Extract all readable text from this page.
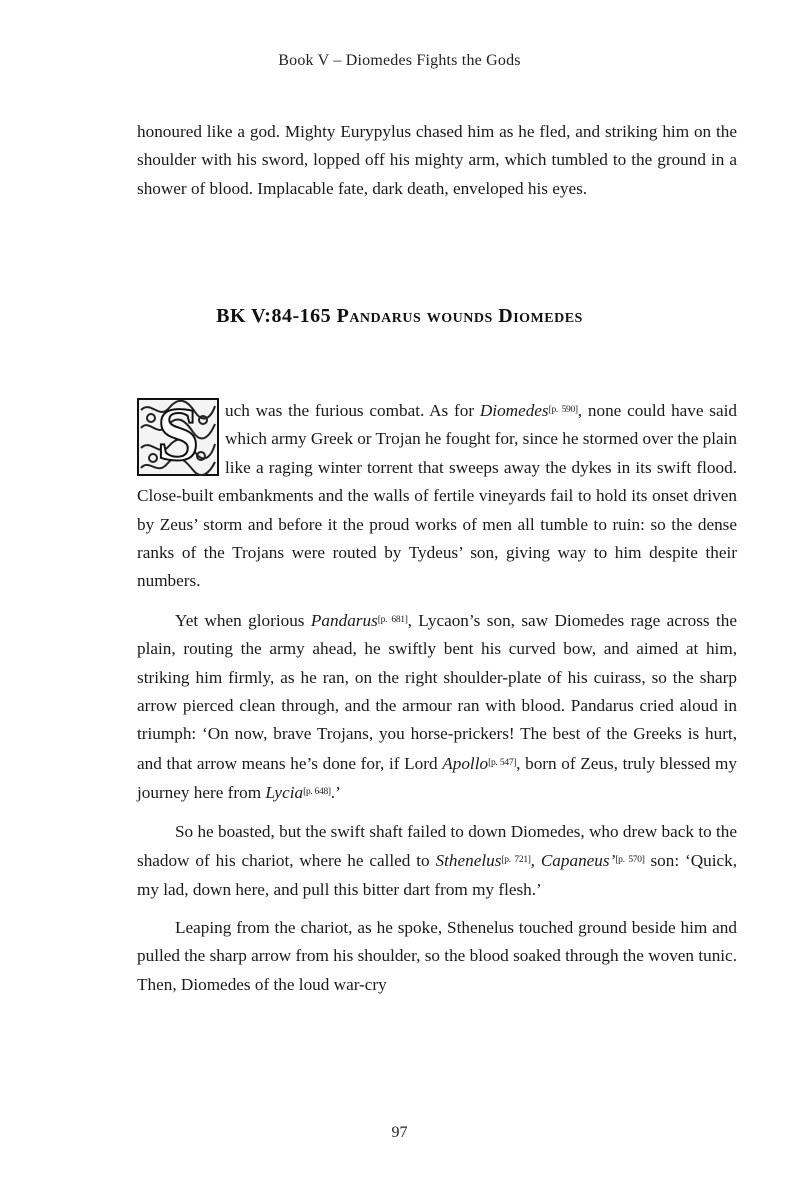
Book V – Diomedes Fights the Gods

honoured like a god. Mighty Eurypylus chased him as he fled, and striking him on the shoulder with his sword, lopped off his mighty arm, which tumbled to the ground in a shower of blood. Implacable fate, dark death, enveloped his eyes.

BK V:84-165 Pandarus wounds Diomedes

S	uch was the furious combat. As for Diomedes[p. 590], none could have said which army Greek or Trojan he fought for, since he stormed over the plain like a raging winter torrent that sweeps away the dykes in its swift flood. Close-built embankments and the walls of fertile vineyards fail to hold its onset driven by Zeus’ storm and before it the proud works of men all tumble to ruin: so the dense ranks of the Trojans were routed by Tydeus’ son, giving way to him despite their numbers.

Yet when glorious Pandarus[p. 681], Lycaon’s son, saw Diomedes rage across the plain, routing the army ahead, he swiftly bent his curved bow, and aimed at him, striking him firmly, as he ran, on the right shoulder-plate of his cuirass, so the sharp arrow pierced clean through, and the armour ran with blood. Pandarus cried aloud in triumph: ‘On now, brave Trojans, you horse-prickers! The best of the Greeks is hurt, and that arrow means he’s done for, if Lord Apollo[p. 547], born of Zeus, truly blessed my journey here from Lycia[p. 648].’

So he boasted, but the swift shaft failed to down Diomedes, who drew back to the shadow of his chariot, where he called to Sthenelus[p. 721], Capaneus’[p. 570] son: ‘Quick, my lad, down here, and pull this bitter dart from my flesh.’

Leaping from the chariot, as he spoke, Sthenelus touched ground beside him and pulled the sharp arrow from his shoulder, so the blood soaked through the woven tunic. Then, Diomedes of the loud war-cry

97
